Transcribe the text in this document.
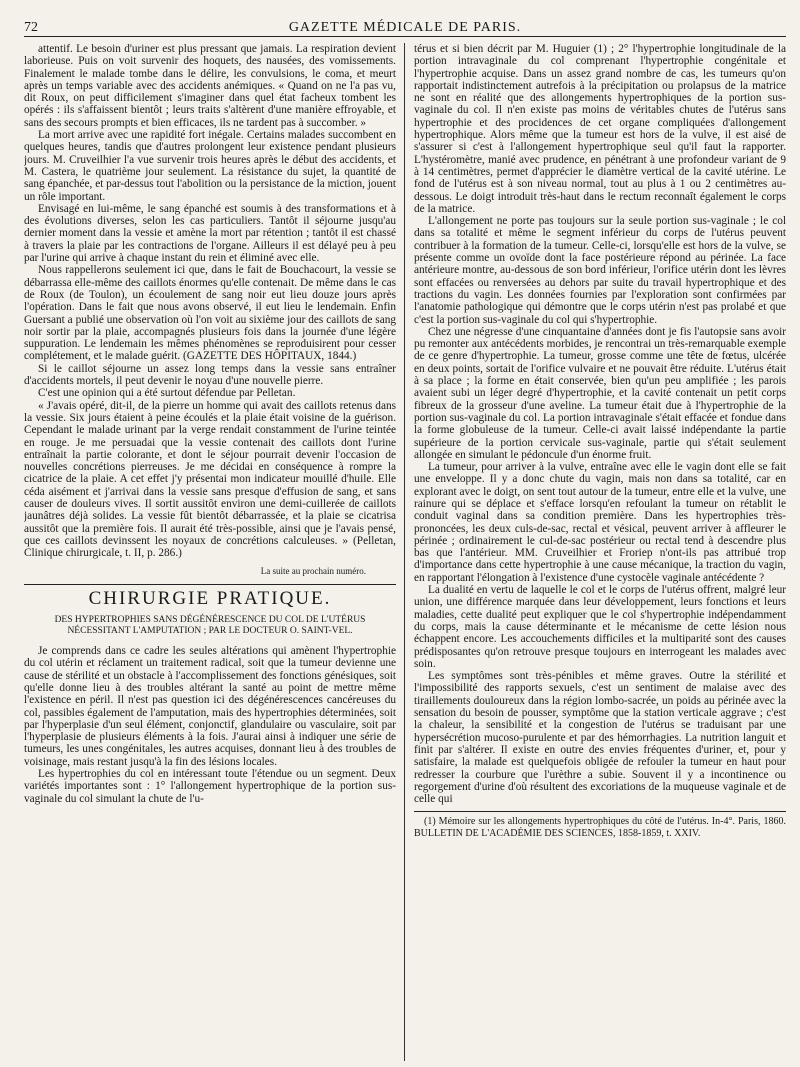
72	GAZETTE MÉDICALE DE PARIS.

attentif. Le besoin d'uriner est plus pressant que jamais. La respiration devient laborieuse. Puis on voit survenir des hoquets, des nausées, des vomissements. Finalement le malade tombe dans le délire, les convulsions, le coma, et meurt après un temps variable avec des accidents anémiques. « Quand on ne l'a pas vu, dit Roux, on peut difficilement s'imaginer dans quel état facheux tombent les opérés : ils s'affaissent bientôt ; leurs traits s'altèrent d'une manière effroyable, et sans des secours prompts et bien efficaces, ils ne tardent pas à succomber. »

La mort arrive avec une rapidité fort inégale. Certains malades succombent en quelques heures, tandis que d'autres prolongent leur existence pendant plusieurs jours. M. Cruveilhier l'a vue survenir trois heures après le début des accidents, et M. Castera, le quatrième jour seulement. La résistance du sujet, la quantité de sang épanchée, et par-dessus tout l'abolition ou la persistance de la miction, jouent un rôle important.

Envisagé en lui-même, le sang épanché est soumis à des transformations et à des évolutions diverses, selon les cas particuliers. Tantôt il séjourne jusqu'au dernier moment dans la vessie et amène la mort par rétention ; tantôt il est chassé à travers la plaie par les contractions de l'organe. Ailleurs il est délayé peu à peu par l'urine qui arrive à chaque instant du rein et éliminé avec elle.

Nous rappellerons seulement ici que, dans le fait de Bouchacourt, la vessie se débarrassa elle-même des caillots énormes qu'elle contenait. De même dans le cas de Roux (de Toulon), un écoulement de sang noir eut lieu douze jours après l'opération. Dans le fait que nous avons observé, il eut lieu le lendemain. Enfin Guersant a publié une observation où l'on voit au sixième jour des caillots de sang noir sortir par la plaie, accompagnés plusieurs fois dans la journée d'une légère suppuration. Le lendemain les mêmes phénomènes se reproduisirent pour cesser complétement, et le malade guérit. (GAZETTE DES HÔPITAUX, 1844.)

Si le caillot séjourne un assez long temps dans la vessie sans entraîner d'accidents mortels, il peut devenir le noyau d'une nouvelle pierre.

C'est une opinion qui a été surtout défendue par Pelletan.

« J'avais opéré, dit-il, de la pierre un homme qui avait des caillots retenus dans la vessie. Six jours étaient à peine écoulés et la plaie était voisine de la guérison. Cependant le malade urinant par la verge rendait constamment de l'urine teintée en rouge. Je me persuadai que la vessie contenait des caillots dont l'urine entraînait la partie colorante, et dont le séjour pourrait devenir l'occasion de nouvelles concrétions pierreuses. Je me décidai en conséquence à rompre la cicatrice de la plaie. A cet effet j'y présentai mon indicateur mouillé d'huile. Elle céda aisément et j'arrivai dans la vessie sans presque d'effusion de sang, et sans causer de douleurs vives. Il sortit aussitôt environ une demi-cuillerée de caillots jaunâtres déjà solides. La vessie fût bientôt débarrassée, et la plaie se cicatrisa aussitôt que la première fois. Il aurait été très-possible, ainsi que je l'avais pensé, que ces caillots devinssent les noyaux de concrétions calculeuses. » (Pelletan, Clinique chirurgicale, t. II, p. 286.)

La suite au prochain numéro.
CHIRURGIE PRATIQUE.
DES HYPERTROPHIES SANS DÉGÉNÉRESCENCE DU COL DE L'UTÉRUS NÉCESSITANT L'AMPUTATION ; PAR LE DOCTEUR O. SAINT-VEL.

Je comprends dans ce cadre les seules altérations qui amènent l'hypertrophie du col utérin et réclament un traitement radical, soit que la tumeur devienne une cause de stérilité et un obstacle à l'accomplissement des fonctions génésiques, soit qu'elle donne lieu à des troubles altérant la santé au point de mettre même l'existence en péril. Il n'est pas question ici des dégénérescences cancéreuses du col, passibles également de l'amputation, mais des hypertrophies déterminées, soit par l'hyperplasie d'un seul élément, conjonctif, glandulaire ou vasculaire, soit par l'hyperplasie de plusieurs éléments à la fois. J'aurai ainsi à indiquer une série de tumeurs, les unes congénitales, les autres acquises, donnant lieu à des troubles de voisinage, mais restant jusqu'à la fin des lésions locales.

Les hypertrophies du col en intéressant toute l'étendue ou un segment. Deux variétés importantes sont : 1° l'allongement hypertrophique de la portion sus-vaginale du col simulant la chute de l'u-

térus et si bien décrit par M. Huguier (1) ; 2° l'hypertrophie longitudinale de la portion intravaginale du col comprenant l'hypertrophie congénitale et l'hypertrophie acquise. Dans un assez grand nombre de cas, les tumeurs qu'on rapportait indistinctement autrefois à la précipitation ou prolapsus de la matrice ne sont en réalité que des allongements hypertrophiques de la portion sus-vaginale du col. Il n'en existe pas moins de véritables chutes de l'utérus sans hypertrophie et des procidences de cet organe compliquées d'allongement hypertrophique. Alors même que la tumeur est hors de la vulve, il est aisé de s'assurer si c'est à l'allongement hypertrophique seul qu'il faut la rapporter. L'hystéromètre, manié avec prudence, en pénétrant à une profondeur variant de 9 à 14 centimètres, permet d'apprécier le diamètre vertical de la cavité utérine. Le fond de l'utérus est à son niveau normal, tout au plus à 1 ou 2 centimètres au-dessous. Le doigt introduit très-haut dans le rectum reconnaît également le corps de la matrice.

L'allongement ne porte pas toujours sur la seule portion sus-vaginale ; le col dans sa totalité et même le segment inférieur du corps de l'utérus peuvent contribuer à la formation de la tumeur. Celle-ci, lorsqu'elle est hors de la vulve, se présente comme un ovoïde dont la face postérieure répond au périnée. La face antérieure montre, au-dessous de son bord inférieur, l'orifice utérin dont les lèvres sont effacées ou renversées au dehors par suite du travail hypertrophique et des tractions du vagin. Les données fournies par l'exploration sont confirmées par l'anatomie pathologique qui démontre que le corps utérin n'est pas prolabé et que c'est la portion sus-vaginale du col qui s'hypertrophie.

Chez une négresse d'une cinquantaine d'années dont je fis l'autopsie sans avoir pu remonter aux antécédents morbides, je rencontrai un très-remarquable exemple de ce genre d'hypertrophie. La tumeur, grosse comme une tête de fœtus, ulcérée en deux points, sortait de l'orifice vulvaire et ne pouvait être réduite. L'utérus était à sa place ; la forme en était conservée, bien qu'un peu amplifiée ; les parois avaient subi un léger degré d'hypertrophie, et la cavité contenait un petit corps fibreux de la grosseur d'une aveline. La tumeur était due à l'hypertrophie de la portion sus-vaginale du col. La portion intravaginale s'était effacée et fondue dans la forme globuleuse de la tumeur. Celle-ci avait laissé indépendante la partie supérieure de la portion cervicale sus-vaginale, partie qui s'était seulement allongée en simulant le pédoncule d'un énorme fruit.

La tumeur, pour arriver à la vulve, entraîne avec elle le vagin dont elle se fait une enveloppe. Il y a donc chute du vagin, mais non dans sa totalité, car en explorant avec le doigt, on sent tout autour de la tumeur, entre elle et la vulve, une rainure qui se déplace et s'efface lorsqu'en refoulant la tumeur on rétablit le conduit vaginal dans sa condition première. Dans les hypertrophies très-prononcées, les deux culs-de-sac, rectal et vésical, peuvent arriver à affleurer le périnée ; ordinairement le cul-de-sac postérieur ou rectal tend à descendre plus bas que l'antérieur. MM. Cruveilhier et Froriep n'ont-ils pas attribué trop d'importance dans cette hypertrophie à une cause mécanique, la traction du vagin, en rapportant l'élongation à l'existence d'une cystocèle vaginale antécédente ?

La dualité en vertu de laquelle le col et le corps de l'utérus offrent, malgré leur union, une différence marquée dans leur développement, leurs fonctions et leurs maladies, cette dualité peut expliquer que le col s'hypertrophie indépendamment du corps, mais la cause déterminante et le mécanisme de cette lésion nous échappent encore. Les accouchements difficiles et la multiparité sont des causes prédisposantes qu'on retrouve presque toujours en interrogeant les malades avec soin.

Les symptômes sont très-pénibles et même graves. Outre la stérilité et l'impossibilité des rapports sexuels, c'est un sentiment de malaise avec des tiraillements douloureux dans la région lombo-sacrée, un poids au périnée avec la sensation du besoin de pousser, symptôme que la station verticale aggrave ; c'est la chaleur, la sensibilité et la congestion de l'utérus se traduisant par une hypersécrétion mucoso-purulente et par des hémorrhagies. La nutrition languit et finit par s'altérer. Il existe en outre des envies fréquentes d'uriner, et, pour y satisfaire, la malade est quelquefois obligée de refouler la tumeur en haut pour redresser la courbure que l'urèthre a subie. Souvent il y a incontinence ou regorgement d'urine d'où résultent des excoriations de la muqueuse vaginale et de celle qui

(1) Mémoire sur les allongements hypertrophiques du côté de l'utérus. In-4°. Paris, 1860. BULLETIN DE L'ACADÉMIE DES SCIENCES, 1858-1859, t. XXIV.
